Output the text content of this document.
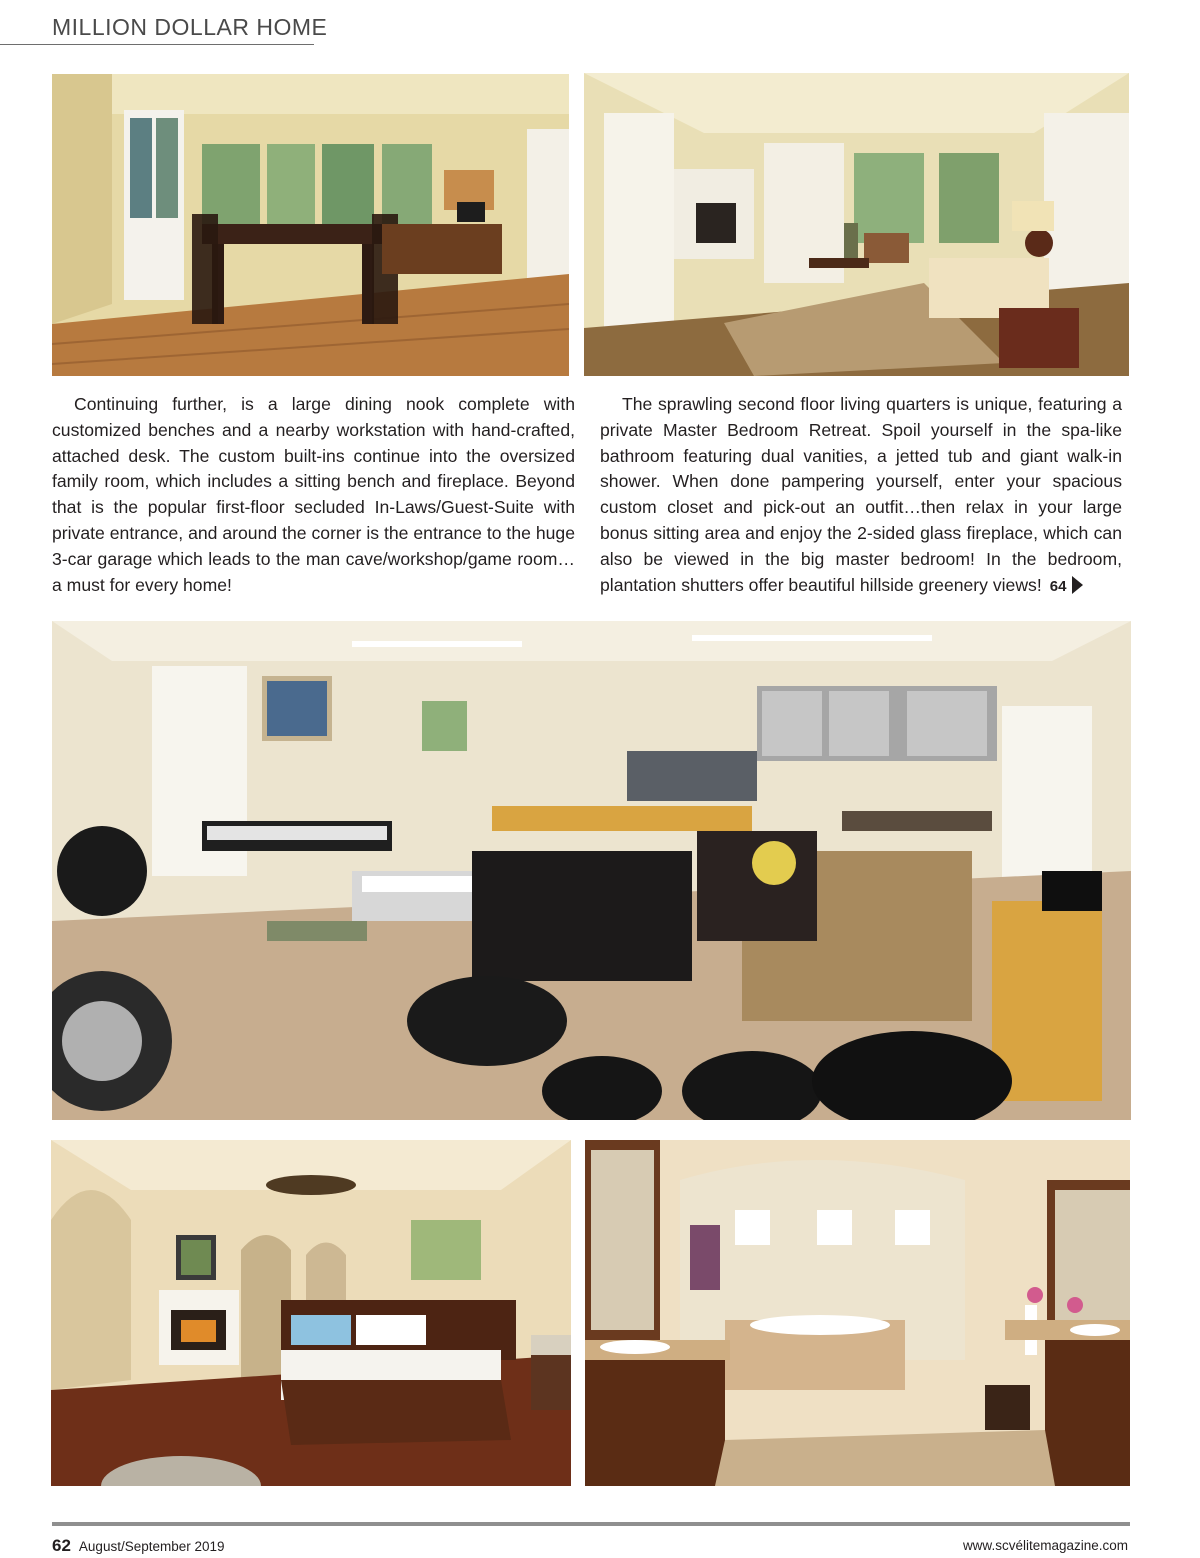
MILLION DOLLAR HOME

Continuing further, is a large dining nook complete with customized benches and a nearby workstation with hand-crafted, attached desk. The custom built-ins continue into the oversized family room, which includes a sitting bench and fireplace. Beyond that is the popular first-floor secluded In-Laws/Guest-Suite with private entrance, and around the corner is the entrance to the huge 3-car garage which leads to the man cave/workshop/game room…a must for every home!

The sprawling second floor living quarters is unique, featuring a private Master Bedroom Retreat. Spoil yourself in the spa-like bathroom featuring dual vanities, a jetted tub and giant walk-in shower. When done pampering yourself, enter your spacious custom closet and pick-out an outfit…then relax in your large bonus sitting area and enjoy the 2-sided glass fireplace, which can also be viewed in the big master bedroom! In the bedroom, plantation shutters offer beautiful hillside greenery views! 64

62 August/September 2019	www.scvélitemagazine.com
